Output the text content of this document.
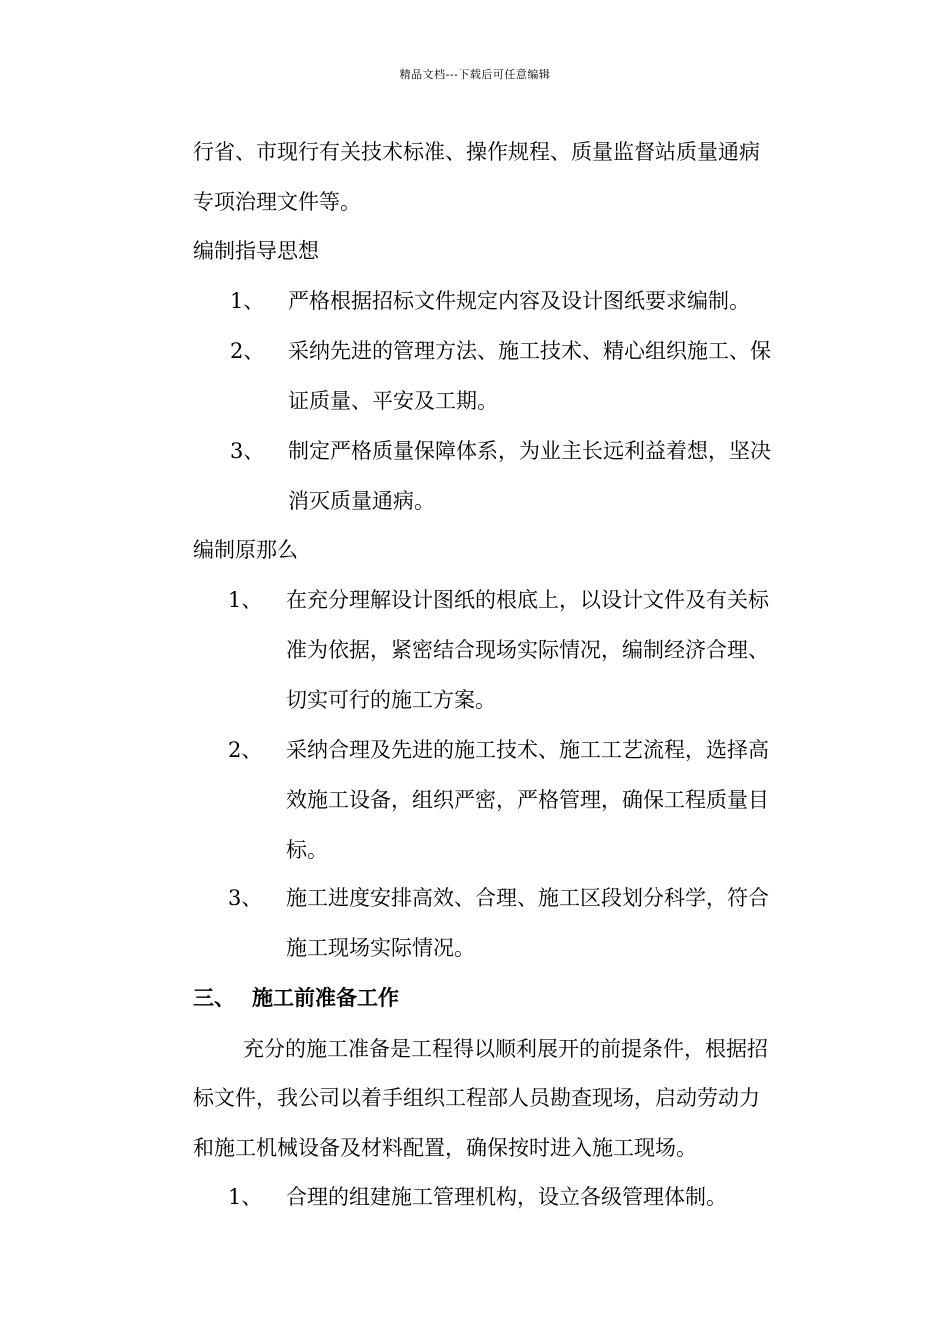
精品文档---下载后可任意编辑
行省、市现行有关技术标准、操作规程、质量监督站质量通病
专项治理文件等。
编制指导思想
1、 严格根据招标文件规定内容及设计图纸要求编制。
2、 采纳先进的管理方法、施工技术、精心组织施工、保
证质量、平安及工期。
3、 制定严格质量保障体系，为业主长远利益着想，坚决
消灭质量通病。
编制原那么
1、 在充分理解设计图纸的根底上，以设计文件及有关标
准为依据，紧密结合现场实际情况，编制经济合理、
切实可行的施工方案。
2、 采纳合理及先进的施工技术、施工工艺流程，选择高
效施工设备，组织严密，严格管理，确保工程质量目
标。
3、 施工进度安排高效、合理、施工区段划分科学，符合
施工现场实际情况。
三、 施工前准备工作
充分的施工准备是工程得以顺利展开的前提条件，根据招
标文件，我公司以着手组织工程部人员勘查现场，启动劳动力
和施工机械设备及材料配置，确保按时进入施工现场。
1、 合理的组建施工管理机构，设立各级管理体制。
